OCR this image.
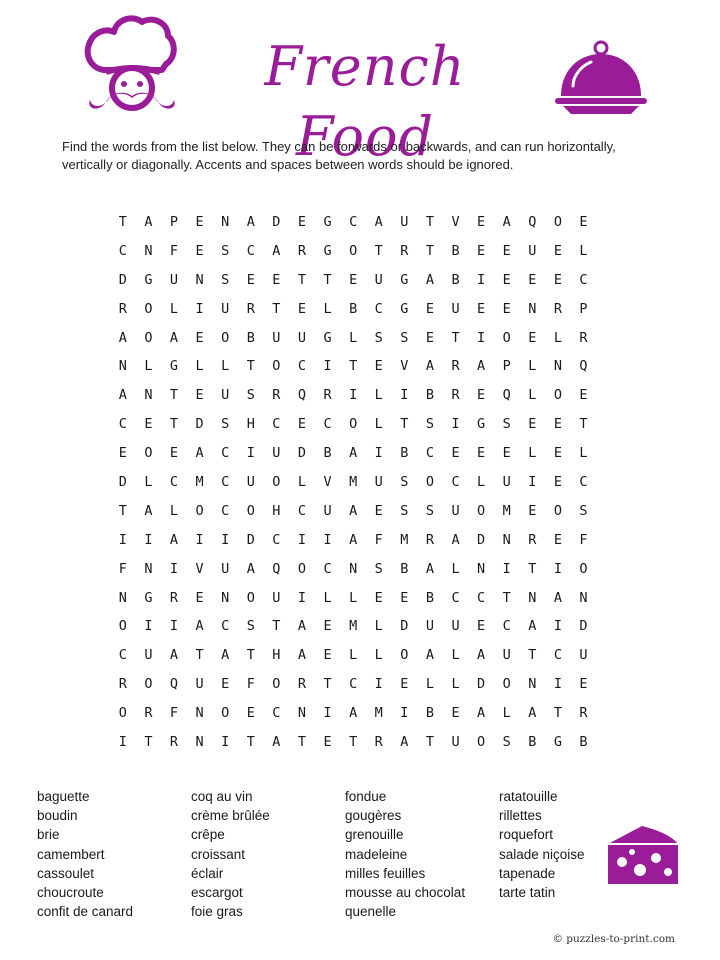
French Food
Find the words from the list below. They can be forwards or backwards, and can run horizontally, vertically or diagonally. Accents and spaces between words should be ignored.
T	A	P	E	N	A	D	E	G	C	A	U	T	V	E	A	Q	O	E
C	N	F	E	S	C	A	R	G	O	T	R	T	B	E	E	U	E	L
D	G	U	N	S	E	E	T	T	E	U	G	A	B	I	E	E	E	C
R	O	L	I	U	R	T	E	L	B	C	G	E	U	E	E	N	R	P
A	O	A	E	O	B	U	U	G	L	S	S	E	T	I	O	E	L	R
N	L	G	L	L	T	O	C	I	T	E	V	A	R	A	P	L	N	Q
A	N	T	E	U	S	R	Q	R	I	L	I	B	R	E	Q	L	O	E
C	E	T	D	S	H	C	E	C	O	L	T	S	I	G	S	E	E	T
E	O	E	A	C	I	U	D	B	A	I	B	C	E	E	E	L	E	L
D	L	C	M	C	U	O	L	V	M	U	S	O	C	L	U	I	E	C
T	A	L	O	C	O	H	C	U	A	E	S	S	U	O	M	E	O	S
I	I	A	I	I	D	C	I	I	A	F	M	R	A	D	N	R	E	F
F	N	I	V	U	A	Q	O	C	N	S	B	A	L	N	I	T	I	O
N	G	R	E	N	O	U	I	L	L	E	E	B	C	C	T	N	A	N
O	I	I	A	C	S	T	A	E	M	L	D	U	U	E	C	A	I	D
C	U	A	T	A	T	H	A	E	L	L	O	A	L	A	U	T	C	U
R	O	Q	U	E	F	O	R	T	C	I	E	L	L	D	O	N	I	E
O	R	F	N	O	E	C	N	I	A	M	I	B	E	A	L	A	T	R
I	T	R	N	I	T	A	T	E	T	R	A	T	U	O	S	B	G	B
baguette
boudin
brie
camembert
cassoulet
choucroute
confit de canard
coq au vin
crème brûlée
crêpe
croissant
éclair
escargot
foie gras
fondue
gougères
grenouille
madeleine
milles feuilles
mousse au chocolat
quenelle
ratatouille
rillettes
roquefort
salade niçoise
tapenade
tarte tatin
© puzzles-to-print.com
